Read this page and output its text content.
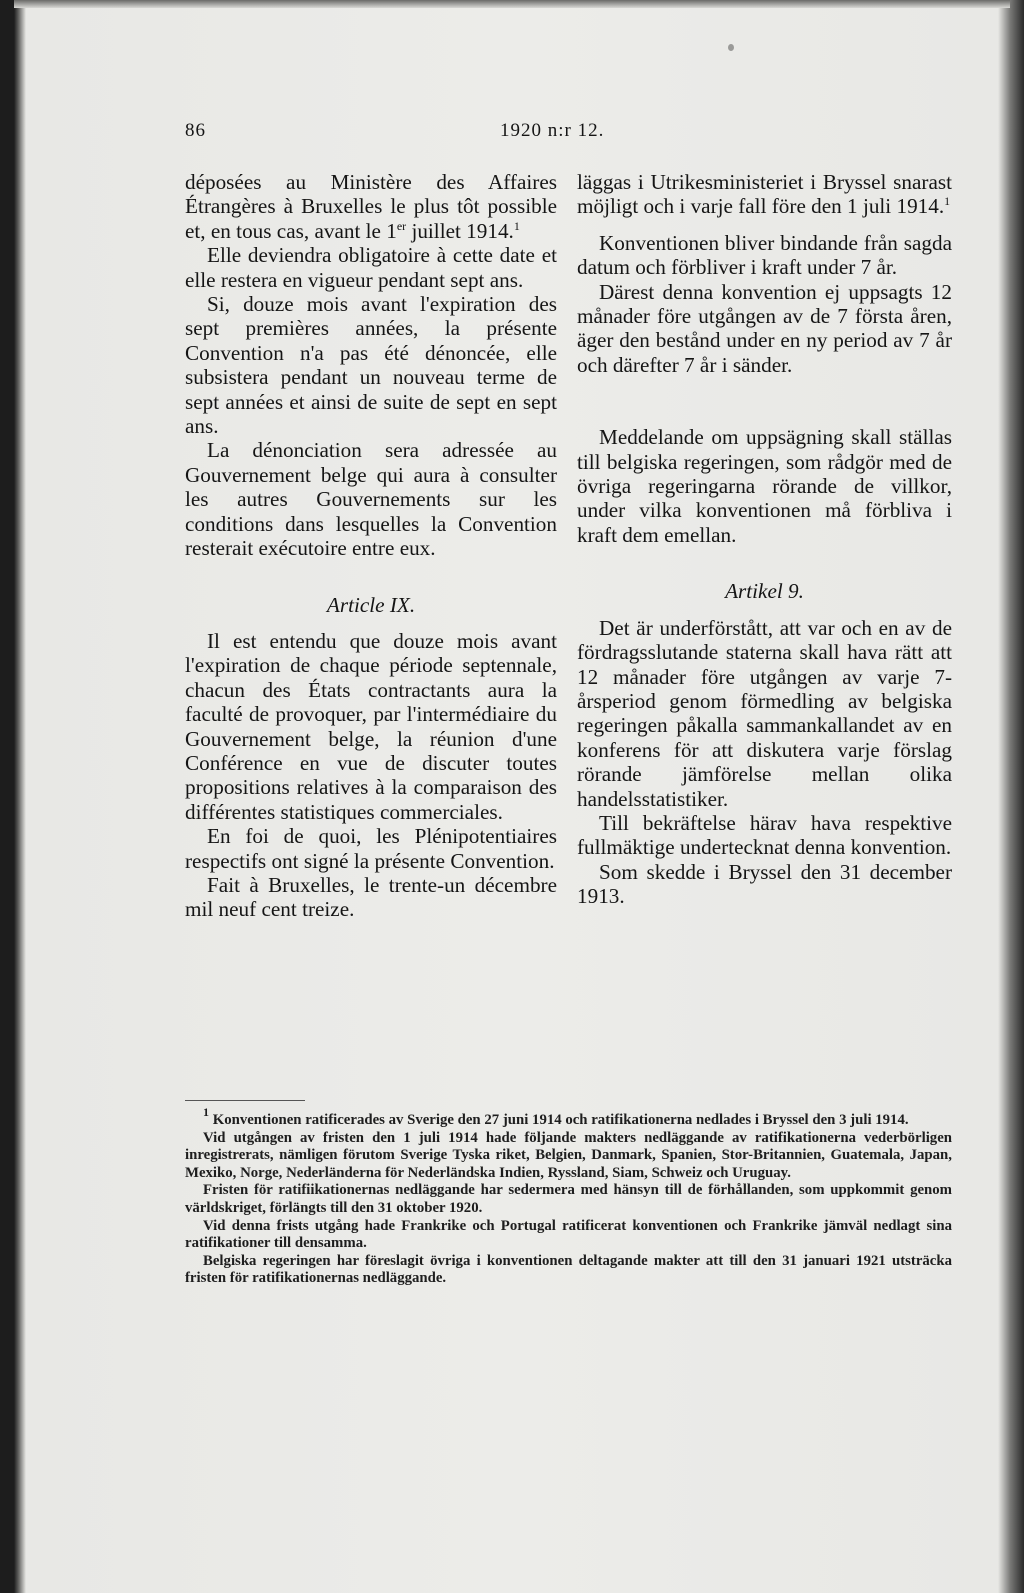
86	1920 n:r 12.

déposées au Ministère des Affaires Étrangères à Bruxelles le plus tôt possible et, en tous cas, avant le 1er juillet 1914.$^1$

Elle deviendra obligatoire à cette date et elle restera en vigueur pendant sept ans.

Si, douze mois avant l'expiration des sept premières années, la présente Convention n'a pas été dénoncée, elle subsistera pendant un nouveau terme de sept années et ainsi de suite de sept en sept ans.

La dénonciation sera adressée au Gouvernement belge qui aura à consulter les autres Gouvernements sur les conditions dans lesquelles la Convention resterait exécutoire entre eux.

Article IX.

Il est entendu que douze mois avant l'expiration de chaque période septennale, chacun des États contractants aura la faculté de provoquer, par l'intermédiaire du Gouvernement belge, la réunion d'une Conférence en vue de discuter toutes propositions relatives à la comparaison des différentes statistiques commerciales.

En foi de quoi, les Plénipotentiaires respectifs ont signé la présente Convention.

Fait à Bruxelles, le trente-un décembre mil neuf cent treize.

läggas i Utrikesministeriet i Bryssel snarast möjligt och i varje fall före den 1 juli 1914.$^1$

Konventionen bliver bindande från sagda datum och förbliver i kraft under 7 år.

Därest denna konvention ej uppsagts 12 månader före utgången av de 7 första åren, äger den bestånd under en ny period av 7 år och därefter 7 år i sänder.

Meddelande om uppsägning skall ställas till belgiska regeringen, som rådgör med de övriga regeringarna rörande de villkor, under vilka konventionen må förbliva i kraft dem emellan.

Artikel 9.

Det är underförstått, att var och en av de fördragsslutande staterna skall hava rätt att 12 månader före utgången av varje 7-årsperiod genom förmedling av belgiska regeringen påkalla sammankallandet av en konferens för att diskutera varje förslag rörande jämförelse mellan olika handelsstatistiker.

Till bekräftelse härav hava respektive fullmäktige undertecknat denna konvention.

Som skedde i Bryssel den 31 december 1913.

$^1$ Konventionen ratificerades av Sverige den 27 juni 1914 och ratifikationerna nedlades i Bryssel den 3 juli 1914.

Vid utgången av fristen den 1 juli 1914 hade följande makters nedläggande av ratifikationerna vederbörligen inregistrerats, nämligen förutom Sverige Tyska riket, Belgien, Danmark, Spanien, Stor-Britannien, Guatemala, Japan, Mexiko, Norge, Nederländerna för Nederländska Indien, Ryssland, Siam, Schweiz och Uruguay.

Fristen för ratifiikationernas nedläggande har sedermera med hänsyn till de förhållanden, som uppkommit genom världskriget, förlängts till den 31 oktober 1920.

Vid denna frists utgång hade Frankrike och Portugal ratificerat konventionen och Frankrike jämväl nedlagt sina ratifikationer till densamma.

Belgiska regeringen har föreslagit övriga i konventionen deltagande makter att till den 31 januari 1921 utsträcka fristen för ratifikationernas nedläggande.
